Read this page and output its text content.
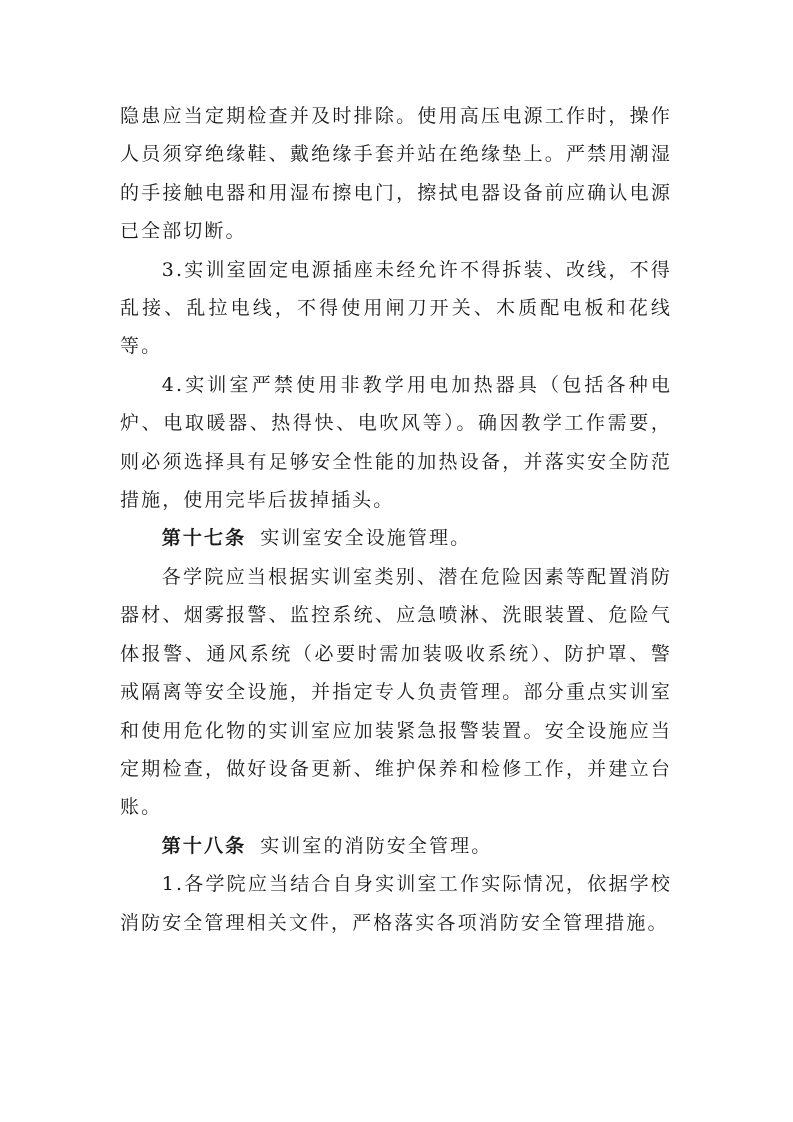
隐患应当定期检查并及时排除。使用高压电源工作时，操作人员须穿绝缘鞋、戴绝缘手套并站在绝缘垫上。严禁用潮湿的手接触电器和用湿布擦电门，擦拭电器设备前应确认电源已全部切断。

3.实训室固定电源插座未经允许不得拆装、改线，不得乱接、乱拉电线，不得使用闸刀开关、木质配电板和花线等。

4.实训室严禁使用非教学用电加热器具（包括各种电炉、电取暖器、热得快、电吹风等）。确因教学工作需要，则必须选择具有足够安全性能的加热设备，并落实安全防范措施，使用完毕后拔掉插头。

第十七条 实训室安全设施管理。

各学院应当根据实训室类别、潜在危险因素等配置消防器材、烟雾报警、监控系统、应急喷淋、洗眼装置、危险气体报警、通风系统（必要时需加装吸收系统）、防护罩、警戒隔离等安全设施，并指定专人负责管理。部分重点实训室和使用危化物的实训室应加装紧急报警装置。安全设施应当定期检查，做好设备更新、维护保养和检修工作，并建立台账。

第十八条 实训室的消防安全管理。

1.各学院应当结合自身实训室工作实际情况，依据学校消防安全管理相关文件，严格落实各项消防安全管理措施。
